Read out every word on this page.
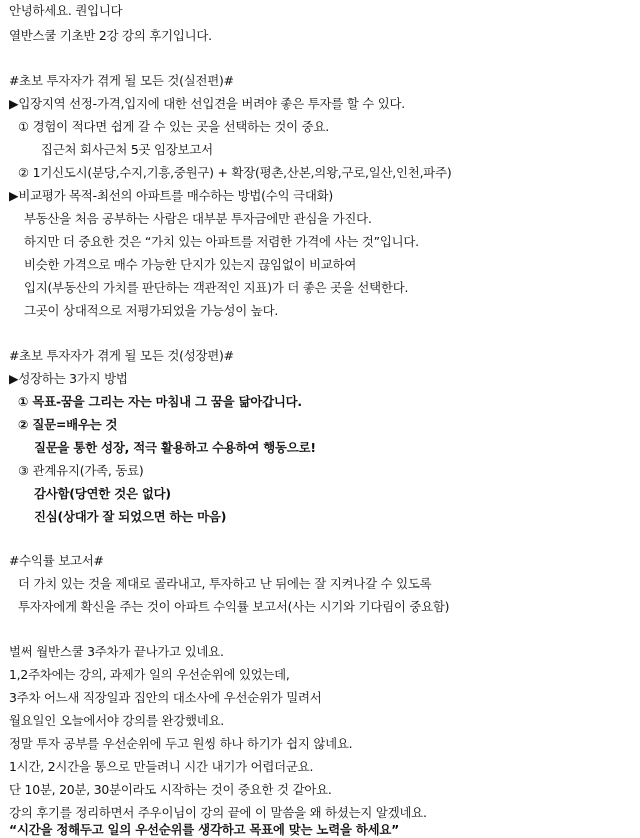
안녕하세요. 퀀입니다
열반스쿨 기초반 2강 강의 후기입니다.
#초보 투자자가 겪게 될 모든 것(실전편)#
▶입장지역 선정-가격,입지에 대한 선입견을 버려야 좋은 투자를 할 수 있다.
① 경험이 적다면 쉽게 갈 수 있는 곳을 선택하는 것이 중요.
집근처 회사근처 5곳 임장보고서
② 1기신도시(분당,수지,기흥,중원구) + 확장(평촌,산본,의왕,구로,일산,인천,파주)
▶비교평가 목적-최선의 아파트를 매수하는 방법(수익 극대화)
부동산을 처음 공부하는 사람은 대부분 투자금에만 관심을 가진다.
하지만 더 중요한 것은 “가치 있는 아파트를 저렴한 가격에 사는 것”입니다.
비슷한 가격으로 매수 가능한 단지가 있는지 끊임없이 비교하여
입지(부동산의 가치를 판단하는 객관적인 지표)가 더 좋은 곳을 선택한다.
그곳이 상대적으로 저평가되었을 가능성이 높다.
#초보 투자자가 겪게 될 모든 것(성장편)#
▶성장하는 3가지 방법
① 목표-꿈을 그리는 자는 마침내 그 꿈을 닮아갑니다.
② 질문=배우는 것
질문을 통한 성장, 적극 활용하고 수용하여 행동으로!
③ 관계유지(가족, 동료)
감사함(당연한 것은 없다)
진심(상대가 잘 되었으면 하는 마음)
#수익률 보고서#
더 가치 있는 것을 제대로 골라내고, 투자하고 난 뒤에는 잘 지켜나갈 수 있도록
투자자에게 확신을 주는 것이 아파트 수익률 보고서(사는 시기와 기다림이 중요함)
벌써 월반스쿨 3주차가 끝나가고 있네요.
1,2주차에는 강의, 과제가 일의 우선순위에 있었는데,
3주차 어느새 직장일과 집안의 대소사에 우선순위가 밀려서
월요일인 오늘에서야 강의를 완강했네요.
정말 투자 공부를 우선순위에 두고 원씽 하나 하기가 쉽지 않네요.
1시간, 2시간을 통으로 만들려니 시간 내기가 어렵더군요.
단 10분, 20분, 30분이라도 시작하는 것이 중요한 것 같아요.
강의 후기를 정리하면서 주우이님이 강의 끝에 이 말씀을 왜 하셨는지 알겠네요.
“시간을 정해두고 일의 우선순위를 생각하고 목표에 맞는 노력을 하세요”
